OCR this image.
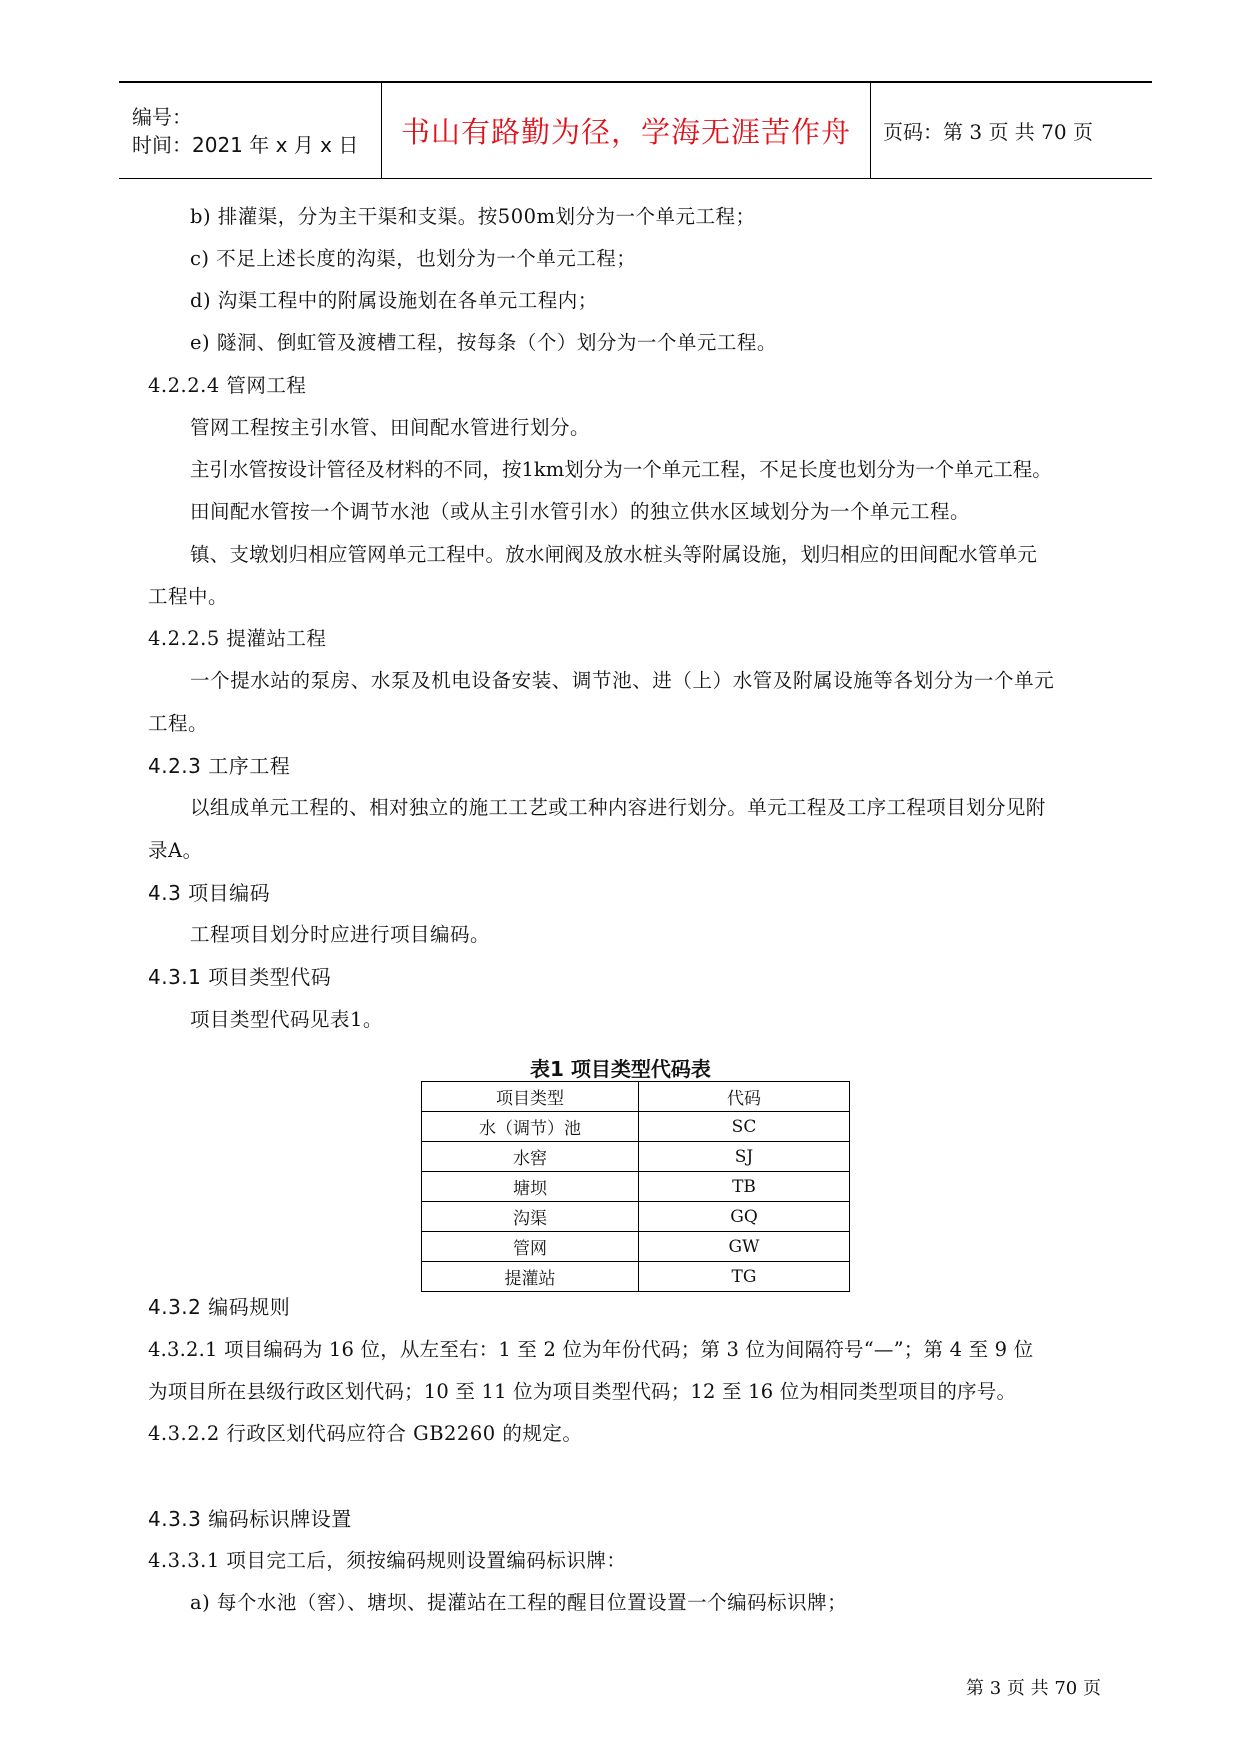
编号：
时间：2021 年 x 月 x 日	书山有路勤为径，学海无涯苦作舟 页码：第 3 页 共 70 页
b) 排灌渠，分为主干渠和支渠。按500m划分为一个单元工程；
c) 不足上述长度的沟渠，也划分为一个单元工程；
d) 沟渠工程中的附属设施划在各单元工程内；
e) 隧洞、倒虹管及渡槽工程，按每条（个）划分为一个单元工程。
4.2.2.4 管网工程
管网工程按主引水管、田间配水管进行划分。
主引水管按设计管径及材料的不同，按1km划分为一个单元工程，不足长度也划分为一个单元工程。
田间配水管按一个调节水池（或从主引水管引水）的独立供水区域划分为一个单元工程。
镇、支墩划归相应管网单元工程中。放水闸阀及放水桩头等附属设施，划归相应的田间配水管单元
工程中。
4.2.2.5 提灌站工程
一个提水站的泵房、水泵及机电设备安装、调节池、进（上）水管及附属设施等各划分为一个单元
工程。
4.2.3 工序工程
以组成单元工程的、相对独立的施工工艺或工种内容进行划分。单元工程及工序工程项目划分见附
录A。
4.3 项目编码
工程项目划分时应进行项目编码。
4.3.1 项目类型代码
项目类型代码见表1。
表1 项目类型代码表
项目类型	代码
水（调节）池	SC
水窖	SJ
塘坝	TB
沟渠	GQ
管网	GW
提灌站	TG
4.3.2 编码规则
4.3.2.1 项目编码为 16 位，从左至右：1 至 2 位为年份代码；第 3 位为间隔符号“—”；第 4 至 9 位
为项目所在县级行政区划代码；10 至 11 位为项目类型代码；12 至 16 位为相同类型项目的序号。
4.3.2.2 行政区划代码应符合 GB2260 的规定。
4.3.3 编码标识牌设置
4.3.3.1 项目完工后，须按编码规则设置编码标识牌：
a) 每个水池（窖）、塘坝、提灌站在工程的醒目位置设置一个编码标识牌；
第 3 页 共 70 页
